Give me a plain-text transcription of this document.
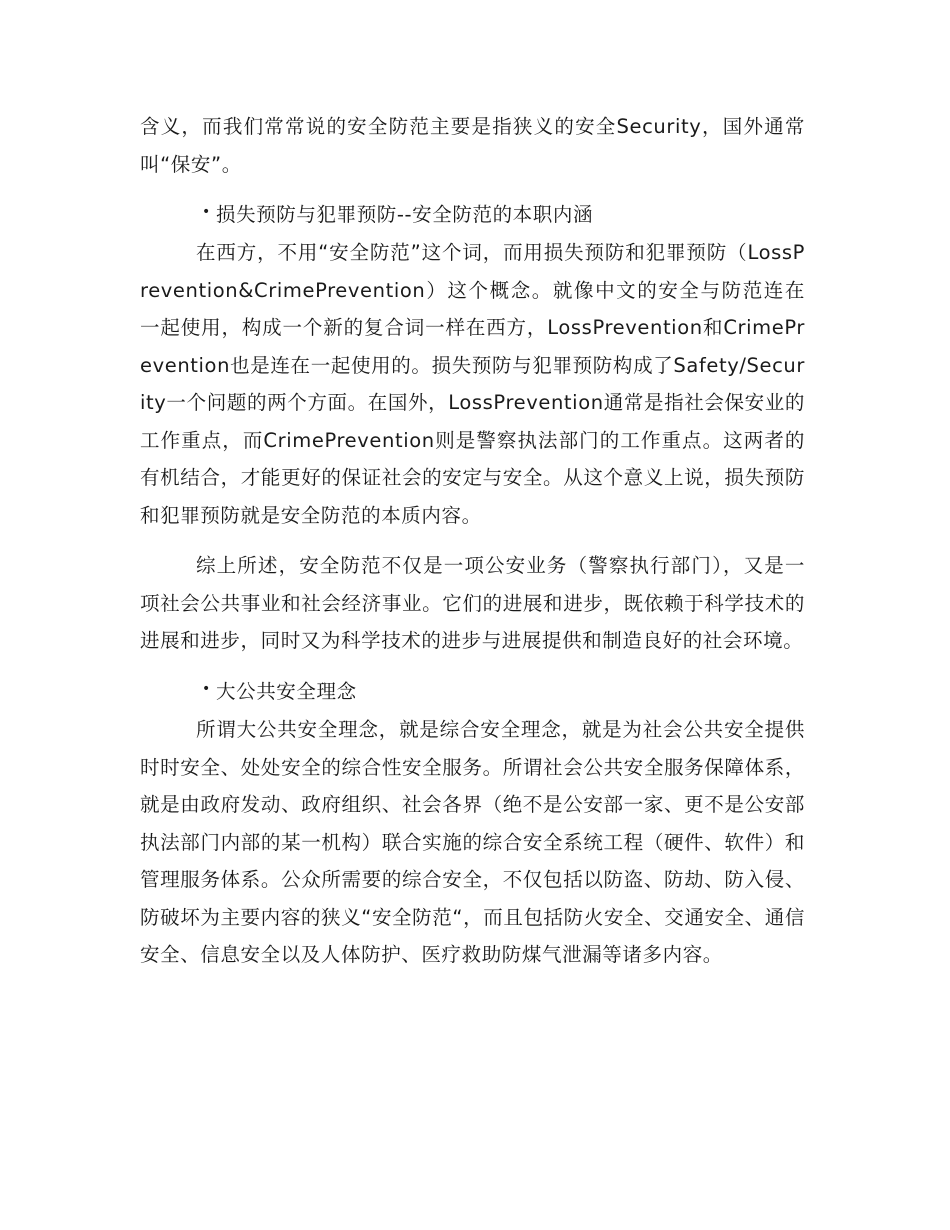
含义，而我们常常说的安全防范主要是指狭义的安全Security，国外通常叫“保安”。

• 损失预防与犯罪预防--安全防范的本职内涵

在西方，不用“安全防范”这个词，而用损失预防和犯罪预防（LossPrevention&CrimePrevention）这个概念。就像中文的安全与防范连在一起使用，构成一个新的复合词一样在西方，LossPrevention和CrimePrevention也是连在一起使用的。损失预防与犯罪预防构成了Safety/Security一个问题的两个方面。在国外，LossPrevention通常是指社会保安业的工作重点，而CrimePrevention则是警察执法部门的工作重点。这两者的有机结合，才能更好的保证社会的安定与安全。从这个意义上说，损失预防和犯罪预防就是安全防范的本质内容。

综上所述，安全防范不仅是一项公安业务（警察执行部门），又是一项社会公共事业和社会经济事业。它们的进展和进步，既依赖于科学技术的进展和进步，同时又为科学技术的进步与进展提供和制造良好的社会环境。

• 大公共安全理念

所谓大公共安全理念，就是综合安全理念，就是为社会公共安全提供时时安全、处处安全的综合性安全服务。所谓社会公共安全服务保障体系，就是由政府发动、政府组织、社会各界（绝不是公安部一家、更不是公安部执法部门内部的某一机构）联合实施的综合安全系统工程（硬件、软件）和管理服务体系。公众所需要的综合安全，不仅包括以防盗、防劫、防入侵、防破坏为主要内容的狭义“安全防范“，而且包括防火安全、交通安全、通信安全、信息安全以及人体防护、医疗救助防煤气泄漏等诸多内容。
